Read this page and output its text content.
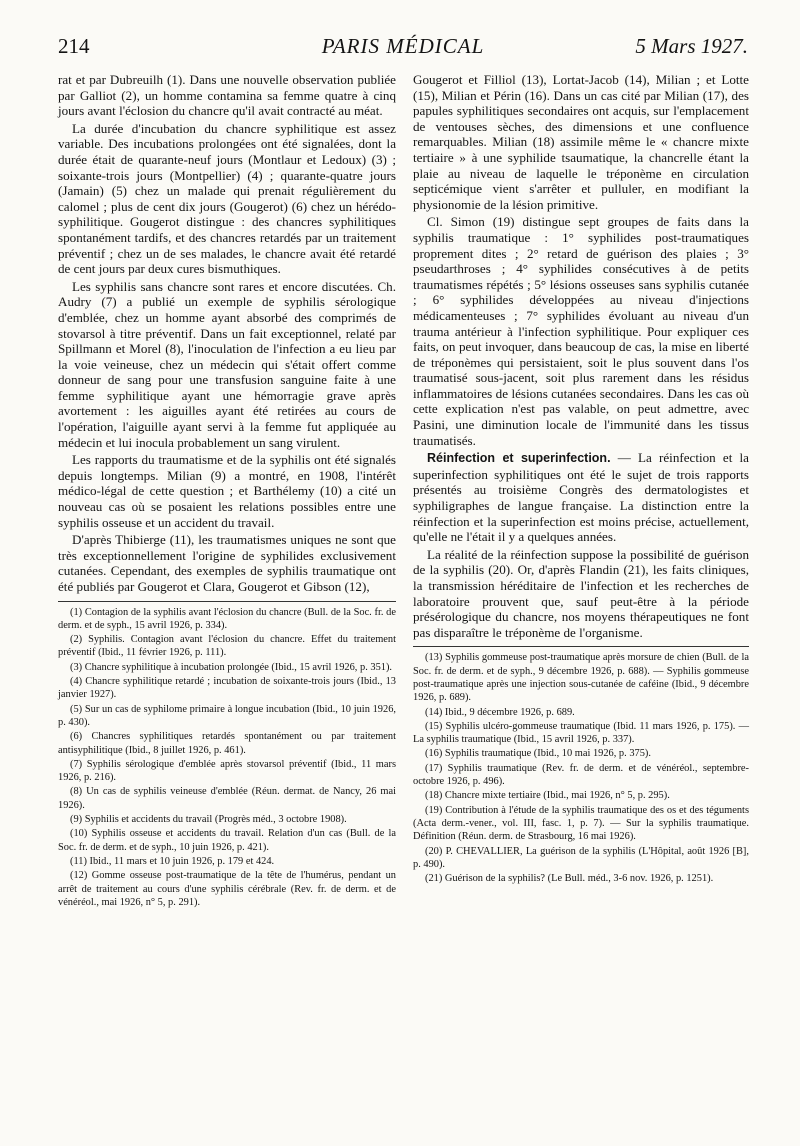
214	PARIS MÉDICAL	5 Mars 1927.

rat et par Dubreuilh (1). Dans une nouvelle observation publiée par Galliot (2), un homme contamina sa femme quatre à cinq jours avant l'éclosion du chancre qu'il avait contracté au méat.

La durée d'incubation du chancre syphilitique est assez variable. Des incubations prolongées ont été signalées, dont la durée était de quarante-neuf jours (Montlaur et Ledoux) (3) ; soixante-trois jours (Montpellier) (4) ; quarante-quatre jours (Jamain) (5) chez un malade qui prenait régulièrement du calomel ; plus de cent dix jours (Gougerot) (6) chez un hérédo-syphilitique. Gougerot distingue : des chancres syphilitiques spontanément tardifs, et des chancres retardés par un traitement préventif ; chez un de ses malades, le chancre avait été retardé de cent jours par deux cures bismuthiques.

Les syphilis sans chancre sont rares et encore discutées. Ch. Audry (7) a publié un exemple de syphilis sérologique d'emblée, chez un homme ayant absorbé des comprimés de stovarsol à titre préventif. Dans un fait exceptionnel, relaté par Spillmann et Morel (8), l'inoculation de l'infection a eu lieu par la voie veineuse, chez un médecin qui s'était offert comme donneur de sang pour une transfusion sanguine faite à une femme syphilitique ayant une hémorragie grave après avortement : les aiguilles ayant été retirées au cours de l'opération, l'aiguille ayant servi à la femme fut appliquée au médecin et lui inocula probablement un sang virulent.

Les rapports du traumatisme et de la syphilis ont été signalés depuis longtemps. Milian (9) a montré, en 1908, l'intérêt médico-légal de cette question ; et Barthélemy (10) a cité un nouveau cas où se posaient les relations possibles entre une syphilis osseuse et un accident du travail.

D'après Thibierge (11), les traumatismes uniques ne sont que très exceptionnellement l'origine de syphilides exclusivement cutanées. Cependant, des exemples de syphilis traumatique ont été publiés par Gougerot et Clara, Gougerot et Gibson (12),

(1) Contagion de la syphilis avant l'éclosion du chancre (Bull. de la Soc. fr. de derm. et de syph., 15 avril 1926, p. 334).

(2) Syphilis. Contagion avant l'éclosion du chancre. Effet du traitement préventif (Ibid., 11 février 1926, p. 111).

(3) Chancre syphilitique à incubation prolongée (Ibid., 15 avril 1926, p. 351).

(4) Chancre syphilitique retardé ; incubation de soixante-trois jours (Ibid., 13 janvier 1927).

(5) Sur un cas de syphilome primaire à longue incubation (Ibid., 10 juin 1926, p. 430).

(6) Chancres syphilitiques retardés spontanément ou par traitement antisyphilitique (Ibid., 8 juillet 1926, p. 461).

(7) Syphilis sérologique d'emblée après stovarsol préventif (Ibid., 11 mars 1926, p. 216).

(8) Un cas de syphilis veineuse d'emblée (Réun. dermat. de Nancy, 26 mai 1926).

(9) Syphilis et accidents du travail (Progrès méd., 3 octobre 1908).

(10) Syphilis osseuse et accidents du travail. Relation d'un cas (Bull. de la Soc. fr. de derm. et de syph., 10 juin 1926, p. 421).

(11) Ibid., 11 mars et 10 juin 1926, p. 179 et 424.

(12) Gomme osseuse post-traumatique de la tête de l'humérus, pendant un arrêt de traitement au cours d'une syphilis cérébrale (Rev. fr. de derm. et de vénéréol., mai 1926, n° 5, p. 291).

Gougerot et Filliol (13), Lortat-Jacob (14), Milian ; et Lotte (15), Milian et Périn (16). Dans un cas cité par Milian (17), des papules syphilitiques secondaires ont acquis, sur l'emplacement de ventouses sèches, des dimensions et une confluence remarquables. Milian (18) assimile même le « chancre mixte tertiaire » à une syphilide tsaumatique, la chancrelle étant la plaie au niveau de laquelle le tréponème en circulation septicémique vient s'arrêter et pulluler, en modifiant la physionomie de la lésion primitive.

Cl. Simon (19) distingue sept groupes de faits dans la syphilis traumatique : 1° syphilides post-traumatiques proprement dites ; 2° retard de guérison des plaies ; 3° pseudarthroses ; 4° syphilides consécutives à de petits traumatismes répétés ; 5° lésions osseuses sans syphilis cutanée ; 6° syphilides développées au niveau d'injections médicamenteuses ; 7° syphilides évoluant au niveau d'un trauma antérieur à l'infection syphilitique. Pour expliquer ces faits, on peut invoquer, dans beaucoup de cas, la mise en liberté de tréponèmes qui persistaient, soit le plus souvent dans l'os traumatisé sous-jacent, soit plus rarement dans les résidus inflammatoires de lésions cutanées secondaires. Dans les cas où cette explication n'est pas valable, on peut admettre, avec Pasini, une diminution locale de l'immunité dans les tissus traumatisés.

Réinfection et superinfection. — La réinfection et la superinfection syphilitiques ont été le sujet de trois rapports présentés au troisième Congrès des dermatologistes et syphiligraphes de langue française. La distinction entre la réinfection et la superinfection est moins précise, actuellement, qu'elle ne l'était il y a quelques années.

La réalité de la réinfection suppose la possibilité de guérison de la syphilis (20). Or, d'après Flandin (21), les faits cliniques, la transmission héréditaire de l'infection et les recherches de laboratoire prouvent que, sauf peut-être à la période présérologique du chancre, nos moyens thérapeutiques ne font pas disparaître le tréponème de l'organisme.

(13) Syphilis gommeuse post-traumatique après morsure de chien (Bull. de la Soc. fr. de derm. et de syph., 9 décembre 1926, p. 688). — Syphilis gommeuse post-traumatique après une injection sous-cutanée de caféine (Ibid., 9 décembre 1926, p. 689).

(14) Ibid., 9 décembre 1926, p. 689.

(15) Syphilis ulcéro-gommeuse traumatique (Ibid. 11 mars 1926, p. 175). — La syphilis traumatique (Ibid., 15 avril 1926, p. 337).

(16) Syphilis traumatique (Ibid., 10 mai 1926, p. 375).

(17) Syphilis traumatique (Rev. fr. de derm. et de vénéréol., septembre-octobre 1926, p. 496).

(18) Chancre mixte tertiaire (Ibid., mai 1926, n° 5, p. 295).

(19) Contribution à l'étude de la syphilis traumatique des os et des téguments (Acta derm.-vener., vol. III, fasc. 1, p. 7). — Sur la syphilis traumatique. Définition (Réun. derm. de Strasbourg, 16 mai 1926).

(20) P. CHEVALLIER, La guérison de la syphilis (L'Hôpital, août 1926 [B], p. 490).

(21) Guérison de la syphilis? (Le Bull. méd., 3-6 nov. 1926, p. 1251).
